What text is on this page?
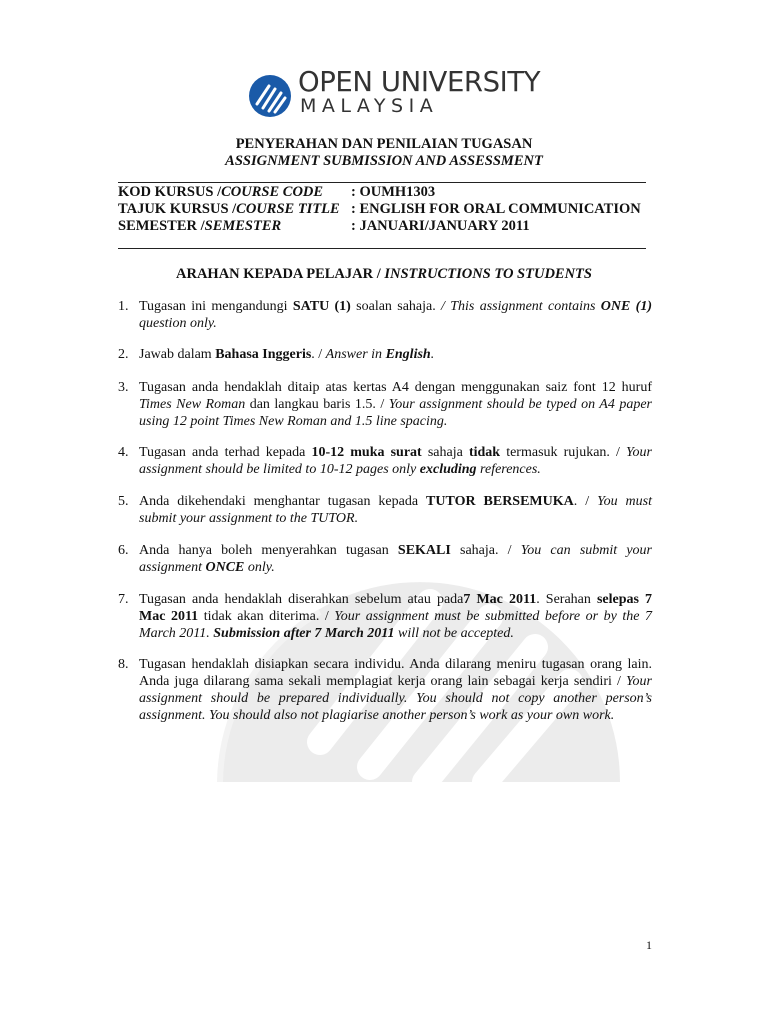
OPEN UNIVERSITY
MALAYSIA
PENYERAHAN DAN PENILAIAN TUGASAN
ASSIGNMENT SUBMISSION AND ASSESSMENT
KOD KURSUS /COURSE CODE : OUMH1303
TAJUK KURSUS /COURSE TITLE : ENGLISH FOR ORAL COMMUNICATION
SEMESTER /SEMESTER	: JANUARI/JANUARY 2011
ARAHAN KEPADA PELAJAR / INSTRUCTIONS TO STUDENTS
1. Tugasan ini mengandungi SATU (1) soalan sahaja. / This assignment contains ONE (1) question only.
2. Jawab dalam Bahasa Inggeris. / Answer in English.
3. Tugasan anda hendaklah ditaip atas kertas A4 dengan menggunakan saiz font 12 huruf Times New Roman dan langkau baris 1.5. / Your assignment should be typed on A4 paper using 12 point Times New Roman and 1.5 line spacing.
4. Tugasan anda terhad kepada 10-12 muka surat sahaja tidak termasuk rujukan. / Your assignment should be limited to 10-12 pages only excluding references.
5. Anda dikehendaki menghantar tugasan kepada TUTOR BERSEMUKA. / You must submit your assignment to the TUTOR.
6. Anda hanya boleh menyerahkan tugasan SEKALI sahaja. / You can submit your assignment ONCE only.
7. Tugasan anda hendaklah diserahkan sebelum atau pada7 Mac 2011. Serahan selepas 7 Mac 2011 tidak akan diterima. / Your assignment must be submitted before or by the 7 March 2011. Submission after 7 March 2011 will not be accepted.
8. Tugasan hendaklah disiapkan secara individu. Anda dilarang meniru tugasan orang lain. Anda juga dilarang sama sekali memplagiat kerja orang lain sebagai kerja sendiri / Your assignment should be prepared individually. You should not copy another person’s assignment. You should also not plagiarise another person’s work as your own work.
1
